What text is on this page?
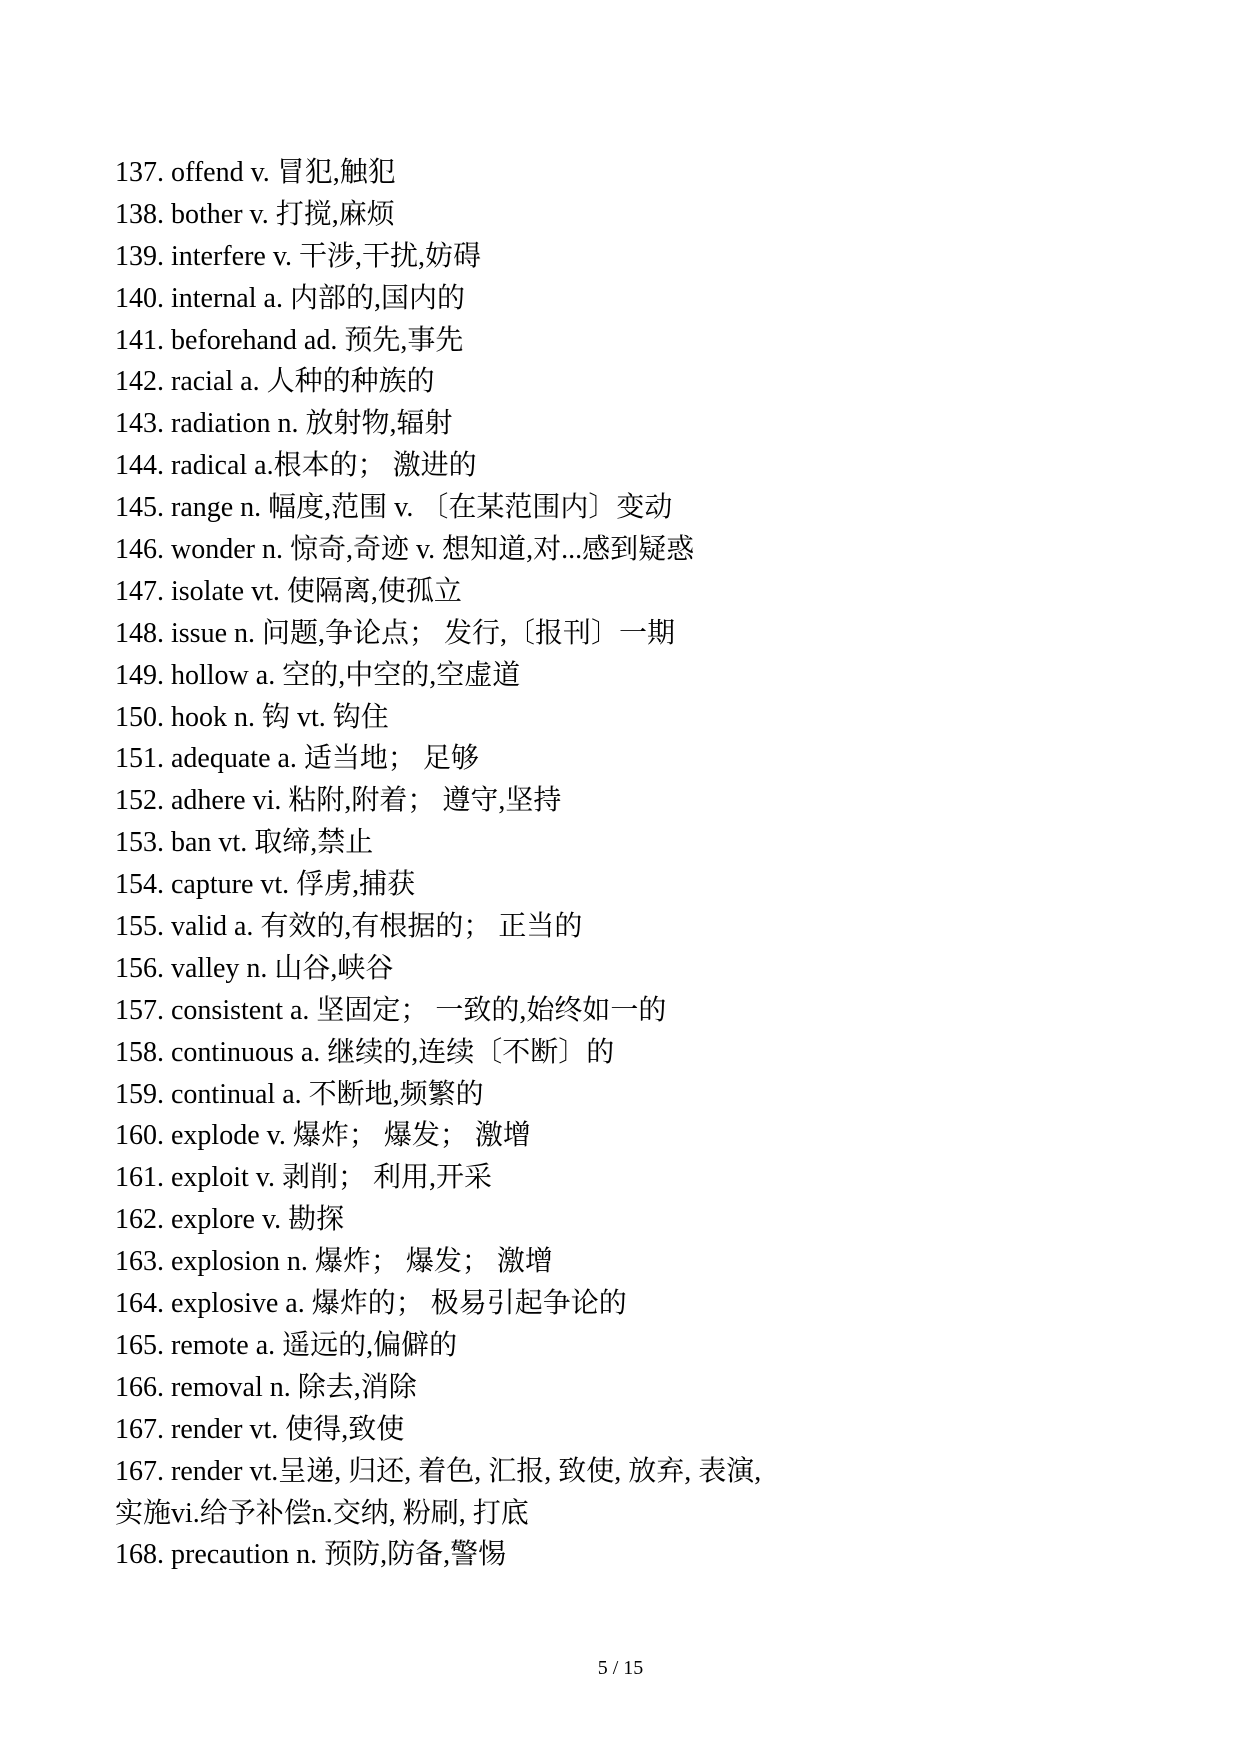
137. offend v. 冒犯,触犯
138. bother v. 打搅,麻烦
139. interfere v. 干涉,干扰,妨碍
140. internal a. 内部的,国内的
141. beforehand ad. 预先,事先
142. racial a. 人种的种族的
143. radiation n. 放射物,辐射
144. radical a.根本的； 激进的
145. range n. 幅度,范围 v. 〔在某范围内〕变动
146. wonder n. 惊奇,奇迹 v. 想知道,对...感到疑惑
147. isolate vt. 使隔离,使孤立
148. issue n. 问题,争论点； 发行,〔报刊〕一期
149. hollow a. 空的,中空的,空虚道
150. hook n. 钩 vt. 钩住
151. adequate a. 适当地； 足够
152. adhere vi. 粘附,附着； 遵守,坚持
153. ban vt. 取缔,禁止
154. capture vt. 俘虏,捕获
155. valid a. 有效的,有根据的； 正当的
156. valley n. 山谷,峡谷
157. consistent a. 坚固定； 一致的,始终如一的
158. continuous a. 继续的,连续〔不断〕的
159. continual a. 不断地,频繁的
160. explode v. 爆炸； 爆发； 激增
161. exploit v. 剥削； 利用,开采
162. explore v. 勘探
163. explosion n. 爆炸； 爆发； 激增
164. explosive a. 爆炸的； 极易引起争论的
165. remote a. 遥远的,偏僻的
166. removal n. 除去,消除
167. render vt. 使得,致使
167. render vt.呈递, 归还, 着色, 汇报, 致使, 放弃, 表演,
实施vi.给予补偿n.交纳, 粉刷, 打底
168. precaution n. 预防,防备,警惕
5 / 15
